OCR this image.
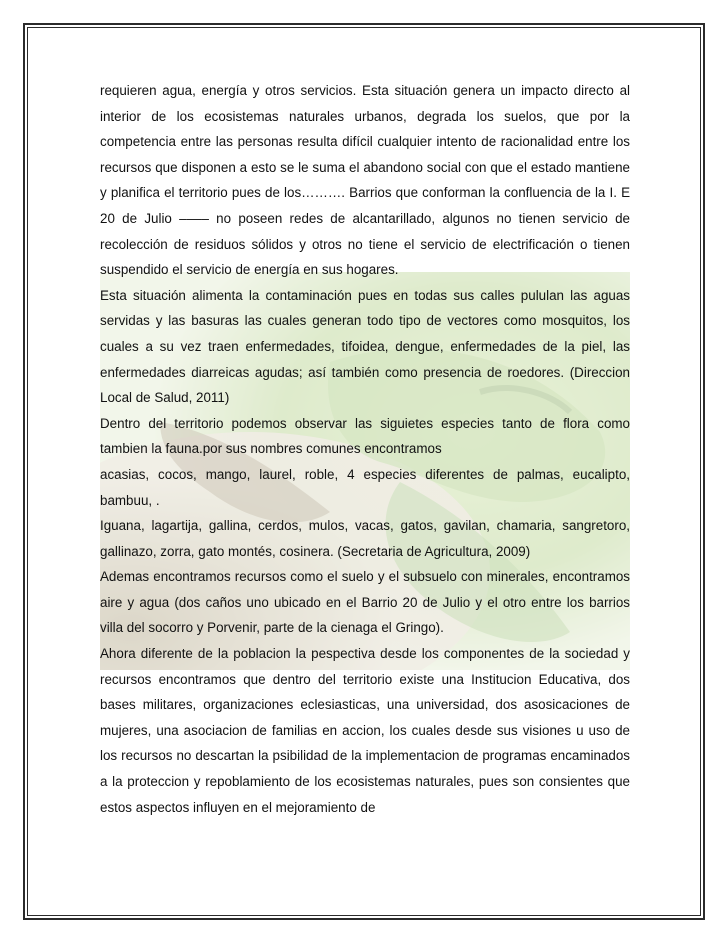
requieren agua, energía y otros servicios. Esta situación genera un impacto directo al interior de los ecosistemas naturales urbanos, degrada los suelos, que por la competencia entre las personas resulta difícil cualquier intento de racionalidad entre los recursos que disponen a esto se le suma el abandono social con que el estado mantiene y planifica el territorio pues de los………. Barrios que conforman la confluencia de la I. E 20 de Julio –––– no poseen redes de alcantarillado, algunos no tienen servicio de recolección de residuos sólidos y otros no tiene el servicio de electrificación o tienen suspendido el servicio de energía en sus hogares.

Esta situación alimenta la contaminación pues en todas sus calles pululan las aguas servidas y las basuras las cuales generan todo tipo de vectores como mosquitos, los cuales a su vez traen enfermedades, tifoidea, dengue, enfermedades de la piel, las enfermedades diarreicas agudas; así también como presencia de roedores. (Direccion Local de Salud, 2011)

Dentro del territorio podemos observar las siguietes especies tanto de flora como tambien la fauna.por sus nombres comunes encontramos

acasias, cocos, mango, laurel, roble, 4 especies diferentes de palmas, eucalipto, bambuu, .

Iguana, lagartija, gallina, cerdos, mulos, vacas, gatos, gavilan, chamaria, sangretoro, gallinazo, zorra, gato montés, cosinera. (Secretaria de Agricultura, 2009)

Ademas encontramos recursos como el suelo y el subsuelo con minerales, encontramos aire y agua (dos caños uno ubicado en el Barrio 20 de Julio y el otro entre los barrios villa del socorro y Porvenir, parte de la cienaga el Gringo).

Ahora diferente de la poblacion la pespectiva desde los componentes de la sociedad y recursos encontramos que dentro del territorio existe una Institucion Educativa, dos bases militares, organizaciones eclesiasticas, una universidad, dos asosicaciones de mujeres, una asociacion de familias en accion, los cuales desde sus visiones u uso de los recursos no descartan la psibilidad de la implementacion de programas encaminados a la proteccion y repoblamiento de los ecosistemas naturales, pues son consientes que estos aspectos influyen en el mejoramiento de
